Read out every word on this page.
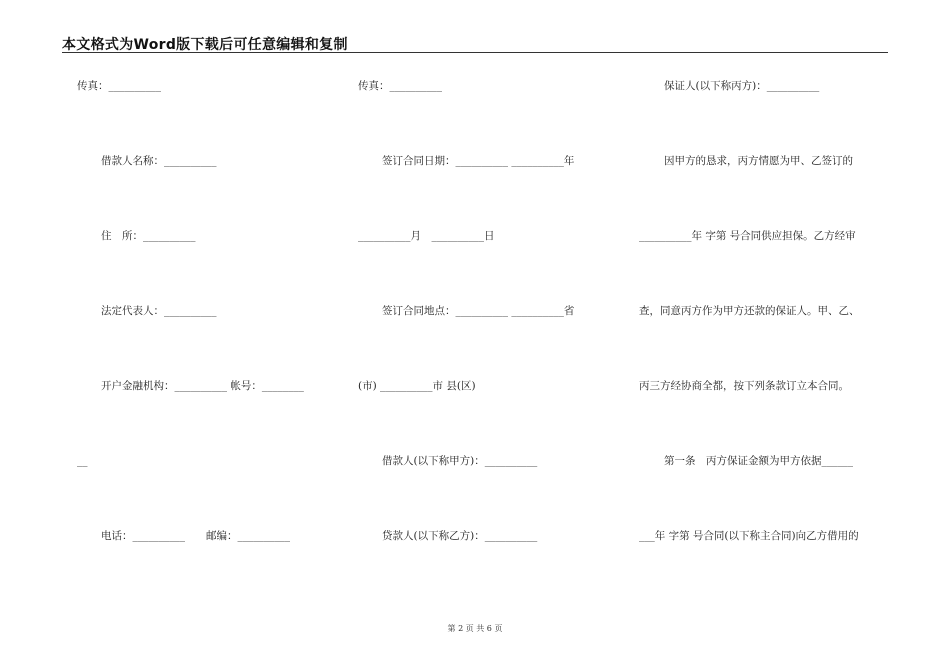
本文格式为Word版下载后可任意编辑和复制
传真：__________
借款人名称：__________
住　所：__________
法定代表人：__________
开户金融机构：__________ 帐号：________
__
电话：__________　　邮编：__________
传真：__________
签订合同日期：__________ __________年
__________月　__________日
签订合同地点：__________ __________省
(市) __________市 县(区)
借款人(以下称甲方)：__________
贷款人(以下称乙方)：__________
保证人(以下称丙方)：__________
因甲方的恳求，丙方情愿为甲、乙签订的
__________年 字第 号合同供应担保。乙方经审
查，同意丙方作为甲方还款的保证人。甲、乙、
丙三方经协商全都，按下列条款订立本合同。
第一条　丙方保证金额为甲方依据______
___年 字第 号合同(以下称主合同)向乙方借用的
第 2 页 共 6 页
